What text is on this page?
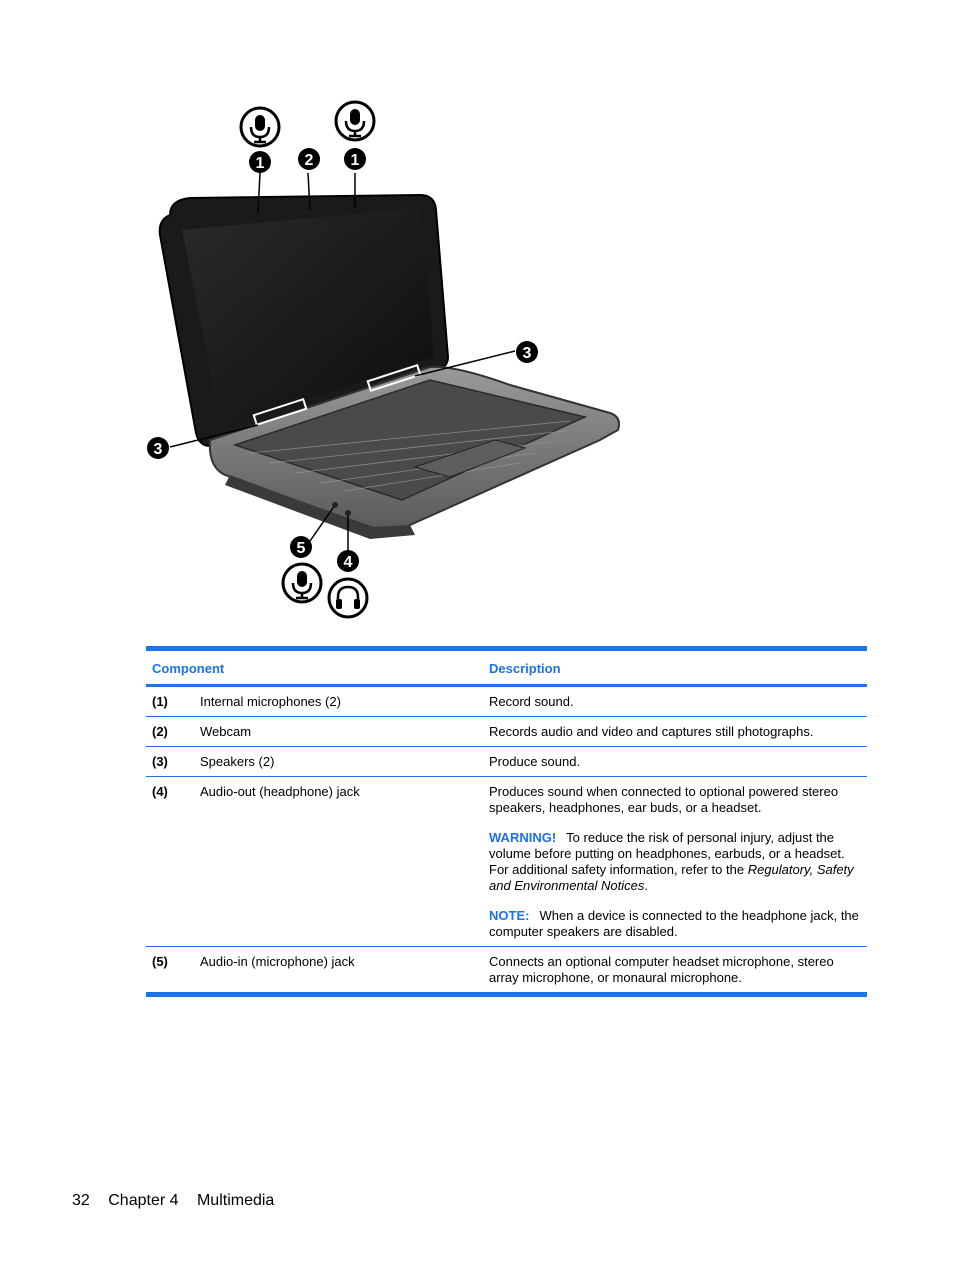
1	2 1
3
3
5
4
Component		Description
(1)	Internal microphones (2)	Record sound.

(2)	Webcam	Records audio and video and captures still photographs.

(3)	Speakers (2)	Produce sound.

(4)	Audio-out (headphone) jack	Produces sound when connected to optional powered stereo speakers, headphones, ear buds, or a headset.

WARNING! To reduce the risk of personal injury, adjust the volume before putting on headphones, earbuds, or a headset. For additional safety information, refer to the Regulatory, Safety and Environmental Notices.

NOTE: When a device is connected to the headphone jack, the computer speakers are disabled.

(5)	Audio-in (microphone) jack	Connects an optional computer headset microphone, stereo array microphone, or monaural microphone.

32 Chapter 4 Multimedia
